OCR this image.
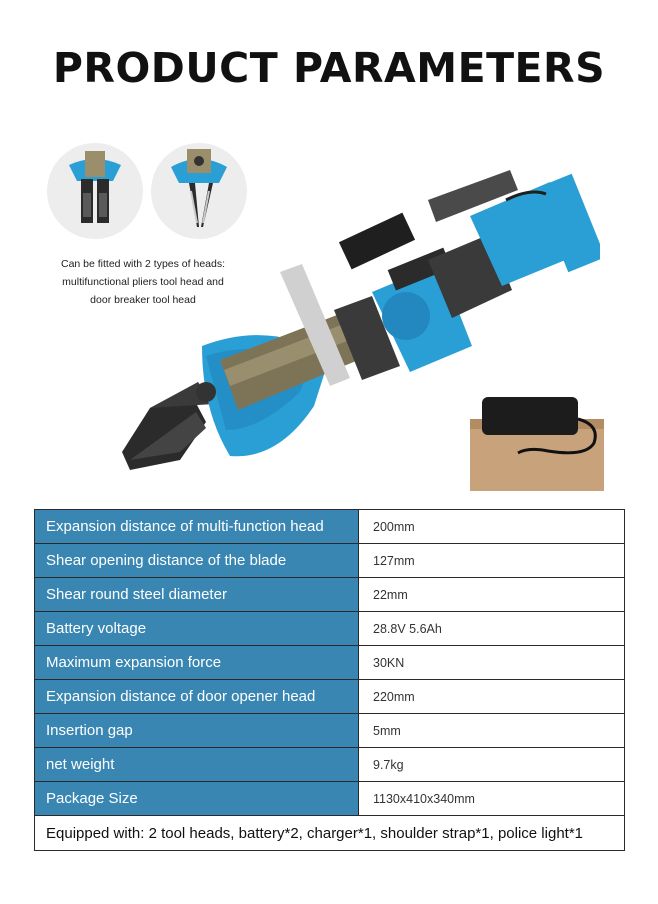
PRODUCT PARAMETERS
Can be fitted with 2 types of heads:
multifunctional pliers tool head and
door breaker tool head
Expansion distance of multi-function head	200mm
Shear opening distance of the blade	127mm
Shear round steel diameter	22mm
Battery voltage	28.8V 5.6Ah
Maximum expansion force	30KN
Expansion distance of door opener head	220mm
Insertion gap	5mm
net weight	9.7kg
Package Size	1130x410x340mm
Equipped with: 2 tool heads, battery*2, charger*1, shoulder strap*1, police light*1	
